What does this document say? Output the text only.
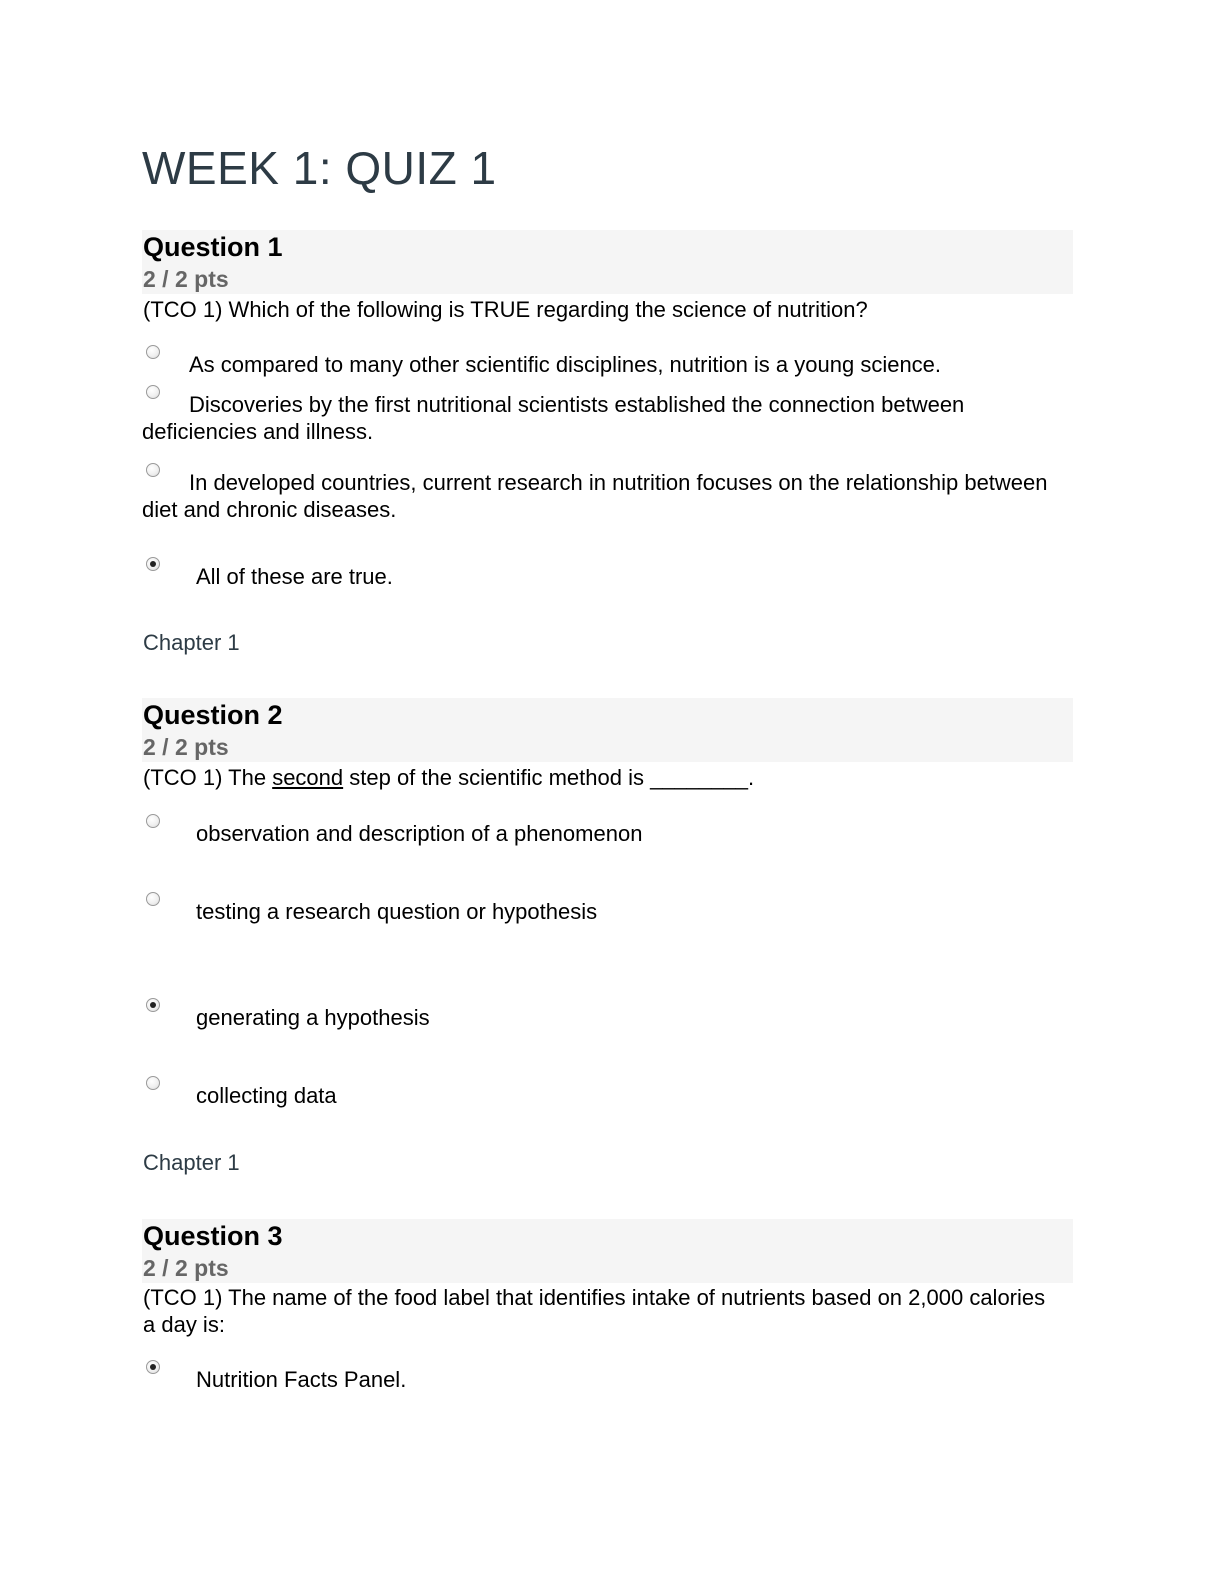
WEEK 1: QUIZ 1
Question 1
2 / 2 pts
(TCO 1) Which of the following is TRUE regarding the science of nutrition?
As compared to many other scientific disciplines, nutrition is a young science.
Discoveries by the first nutritional scientists established the connection between deficiencies and illness.
In developed countries, current research in nutrition focuses on the relationship between diet and chronic diseases.
All of these are true.
Chapter 1
Question 2
2 / 2 pts
(TCO 1) The second step of the scientific method is ________.
observation and description of a phenomenon
testing a research question or hypothesis
generating a hypothesis
collecting data
Chapter 1
Question 3
2 / 2 pts
(TCO 1) The name of the food label that identifies intake of nutrients based on 2,000 calories a day is:
Nutrition Facts Panel.
